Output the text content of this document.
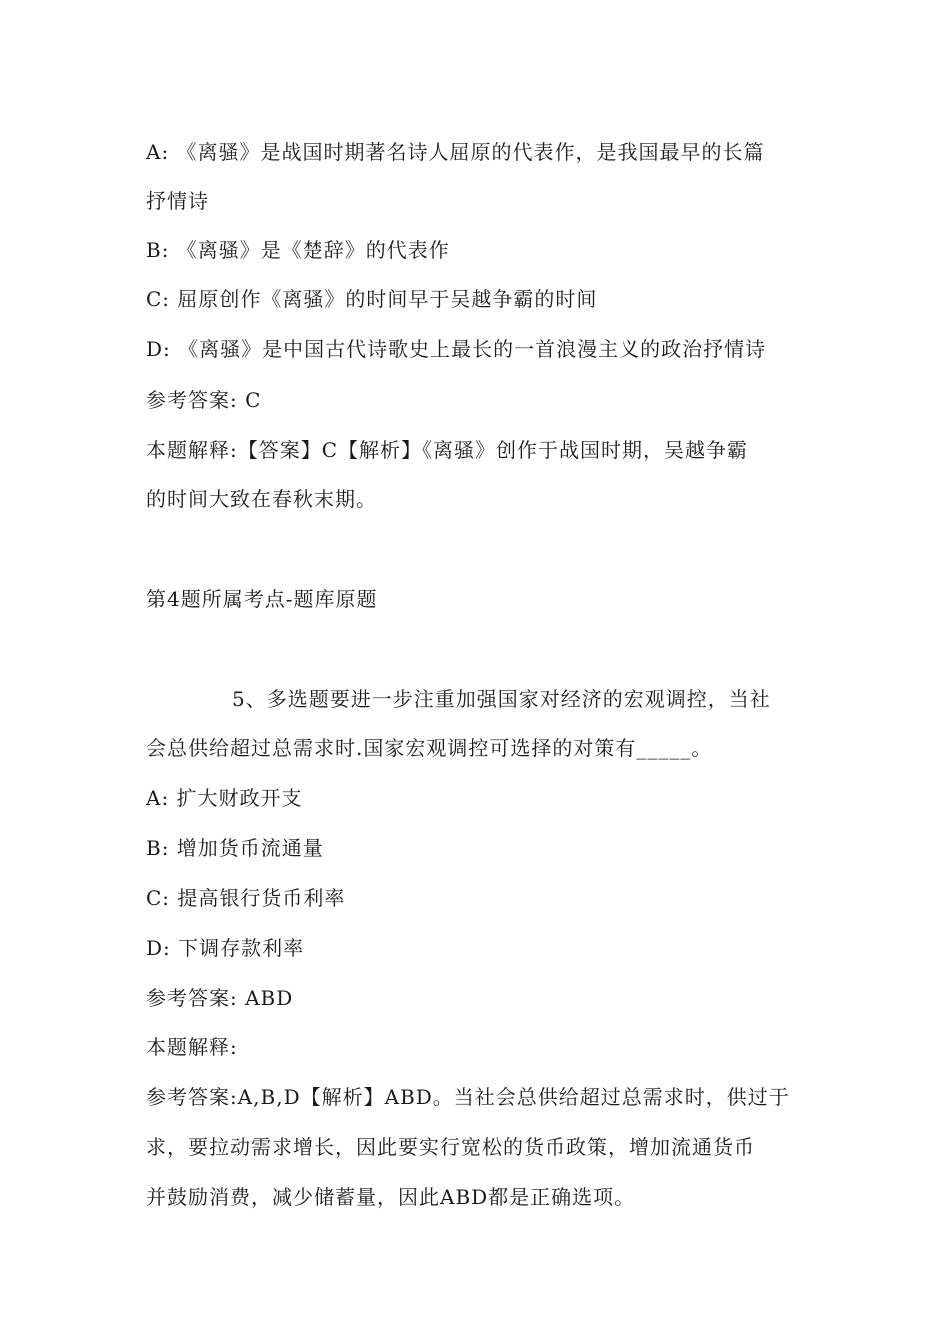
A: 《离骚》是战国时期著名诗人屈原的代表作，是我国最早的长篇
抒情诗
B: 《离骚》是《楚辞》的代表作
C: 屈原创作《离骚》的时间早于吴越争霸的时间
D: 《离骚》是中国古代诗歌史上最长的一首浪漫主义的政治抒情诗
参考答案: C
本题解释:【答案】C【解析】《离骚》创作于战国时期，吴越争霸
的时间大致在春秋末期。
第4题所属考点-题库原题
5、多选题要进一步注重加强国家对经济的宏观调控，当社
会总供给超过总需求时.国家宏观调控可选择的对策有_____。
A: 扩大财政开支
B: 增加货币流通量
C: 提高银行货币利率
D: 下调存款利率
参考答案: ABD
本题解释:
参考答案:A,B,D【解析】ABD。当社会总供给超过总需求时，供过于
求，要拉动需求增长，因此要实行宽松的货币政策，增加流通货币
并鼓励消费，减少储蓄量，因此ABD都是正确选项。
